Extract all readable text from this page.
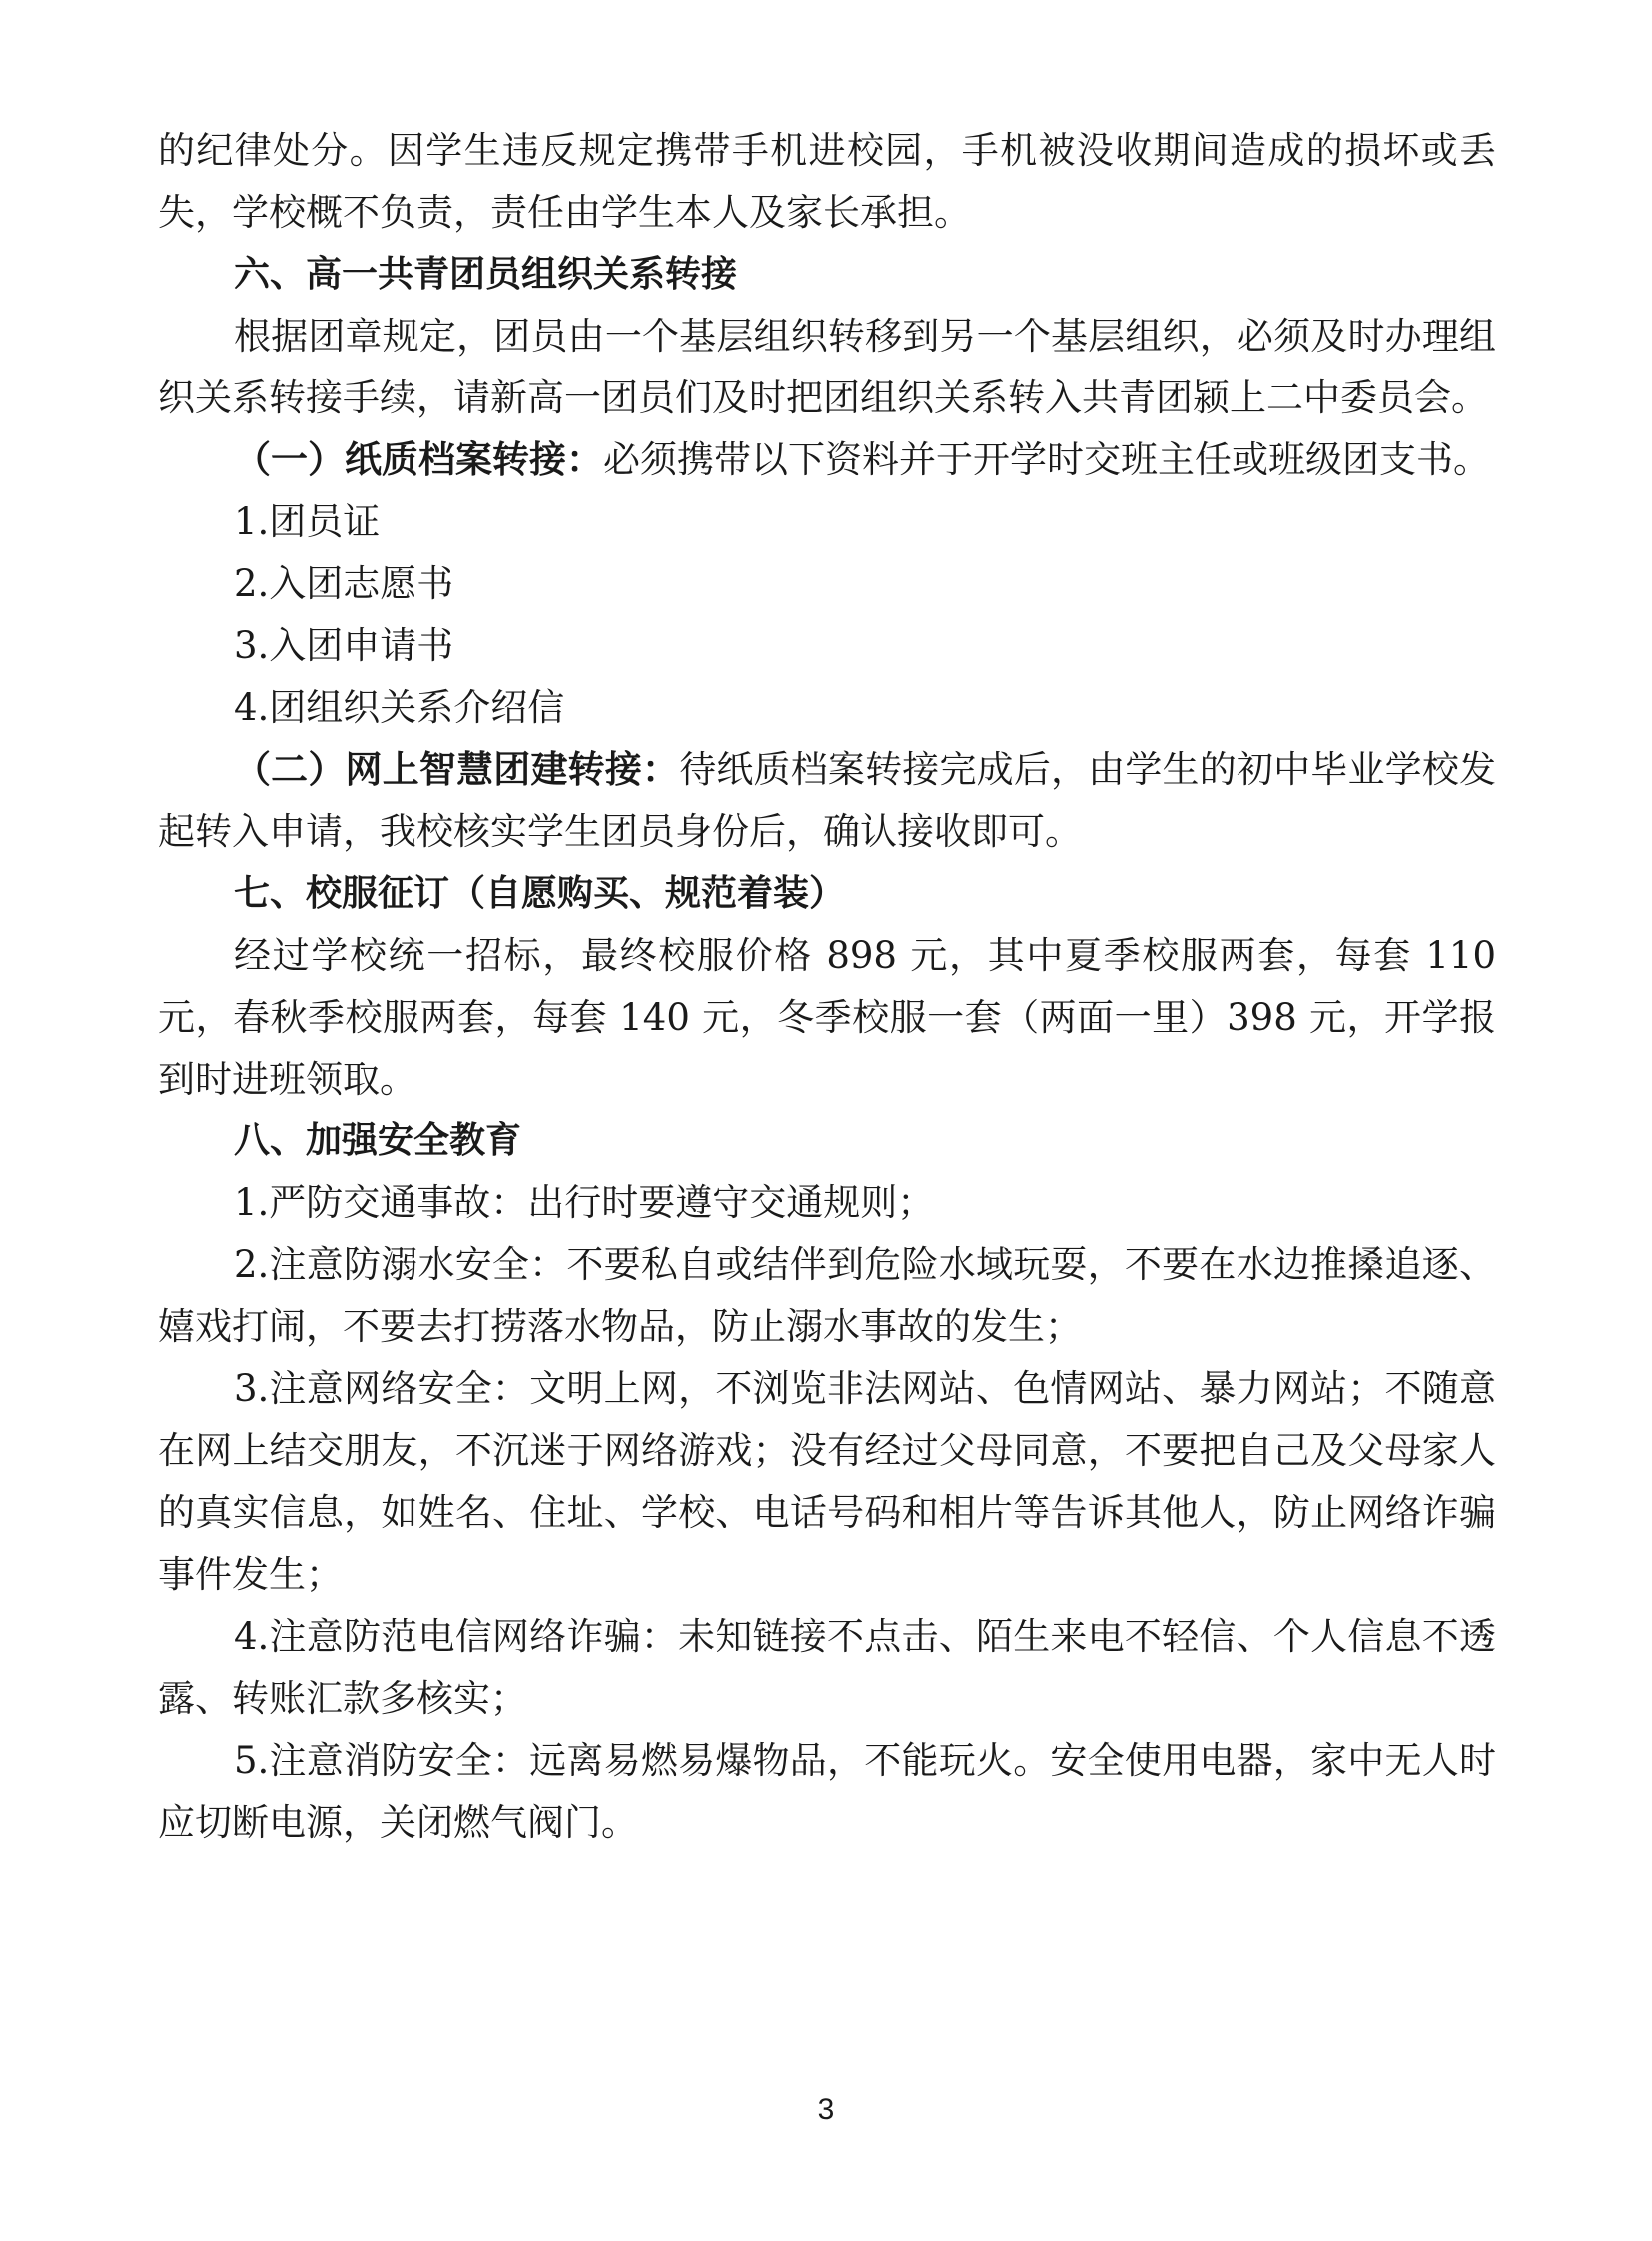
的纪律处分。因学生违反规定携带手机进校园，手机被没收期间造成的损坏或丢失，学校概不负责，责任由学生本人及家长承担。

六、高一共青团员组织关系转接

根据团章规定，团员由一个基层组织转移到另一个基层组织，必须及时办理组织关系转接手续，请新高一团员们及时把团组织关系转入共青团颍上二中委员会。

（一）纸质档案转接：必须携带以下资料并于开学时交班主任或班级团支书。

1.团员证

2.入团志愿书

3.入团申请书

4.团组织关系介绍信

（二）网上智慧团建转接：待纸质档案转接完成后，由学生的初中毕业学校发起转入申请，我校核实学生团员身份后，确认接收即可。

七、校服征订（自愿购买、规范着装）

经过学校统一招标，最终校服价格 898 元，其中夏季校服两套，每套 110 元，春秋季校服两套，每套 140 元，冬季校服一套（两面一里）398 元，开学报到时进班领取。

八、加强安全教育

1.严防交通事故：出行时要遵守交通规则；

2.注意防溺水安全：不要私自或结伴到危险水域玩耍，不要在水边推搡追逐、嬉戏打闹，不要去打捞落水物品，防止溺水事故的发生；

3.注意网络安全：文明上网，不浏览非法网站、色情网站、暴力网站；不随意在网上结交朋友，不沉迷于网络游戏；没有经过父母同意，不要把自己及父母家人的真实信息，如姓名、住址、学校、电话号码和相片等告诉其他人，防止网络诈骗事件发生；

4.注意防范电信网络诈骗：未知链接不点击、陌生来电不轻信、个人信息不透露、转账汇款多核实；

5.注意消防安全：远离易燃易爆物品，不能玩火。安全使用电器，家中无人时应切断电源，关闭燃气阀门。

3
